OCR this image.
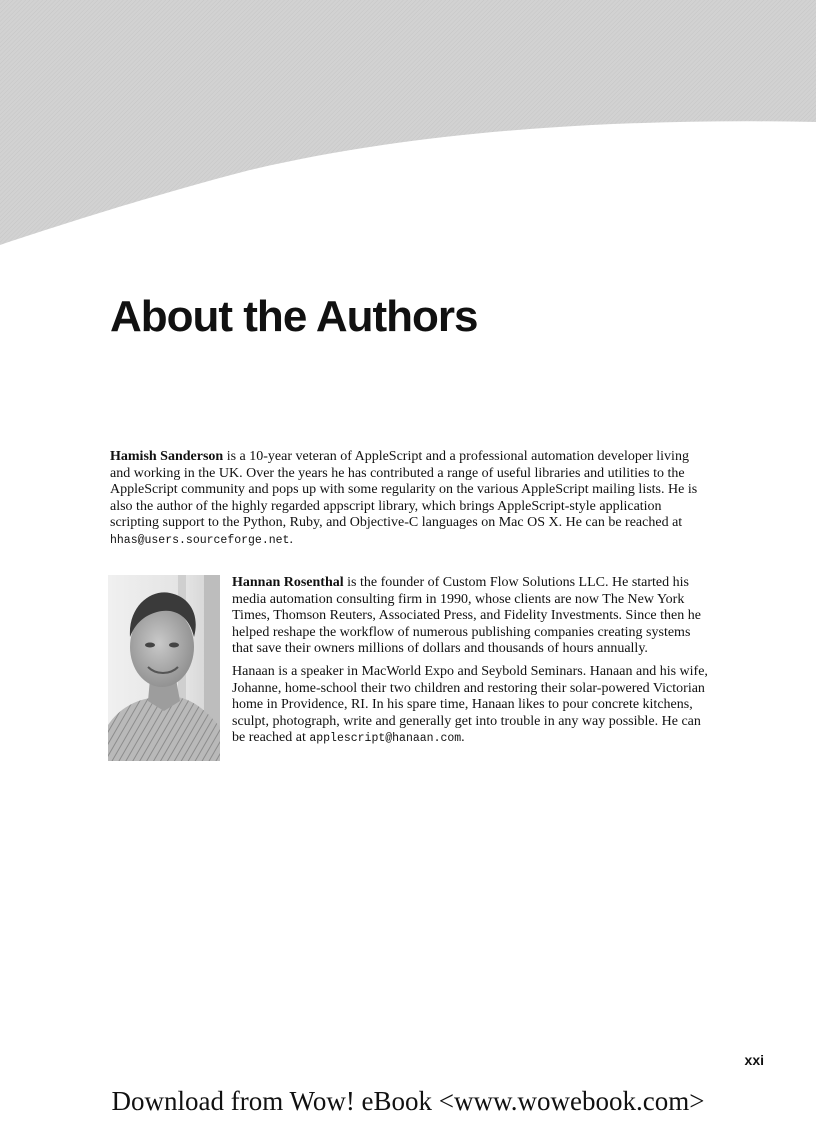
About the Authors

Hamish Sanderson is a 10-year veteran of AppleScript and a professional automation developer living and working in the UK. Over the years he has contributed a range of useful libraries and utilities to the AppleScript community and pops up with some regularity on the various AppleScript mailing lists. He is also the author of the highly regarded appscript library, which brings AppleScript-style application scripting support to the Python, Ruby, and Objective-C languages on Mac OS X. He can be reached at hhas@users.sourceforge.net.

Hannan Rosenthal is the founder of Custom Flow Solutions LLC. He started his media automation consulting firm in 1990, whose clients are now The New York Times, Thomson Reuters, Associated Press, and Fidelity Investments. Since then he helped reshape the workflow of numerous publishing companies creating systems that save their owners millions of dollars and thousands of hours annually.

Hanaan is a speaker in MacWorld Expo and Seybold Seminars. Hanaan and his wife, Johanne, home-school their two children and restoring their solar-powered Victorian home in Providence, RI. In his spare time, Hanaan likes to pour concrete kitchens, sculpt, photograph, write and generally get into trouble in any way possible. He can be reached at applescript@hanaan.com.

xxi
Download from Wow! eBook <www.wowebook.com>
